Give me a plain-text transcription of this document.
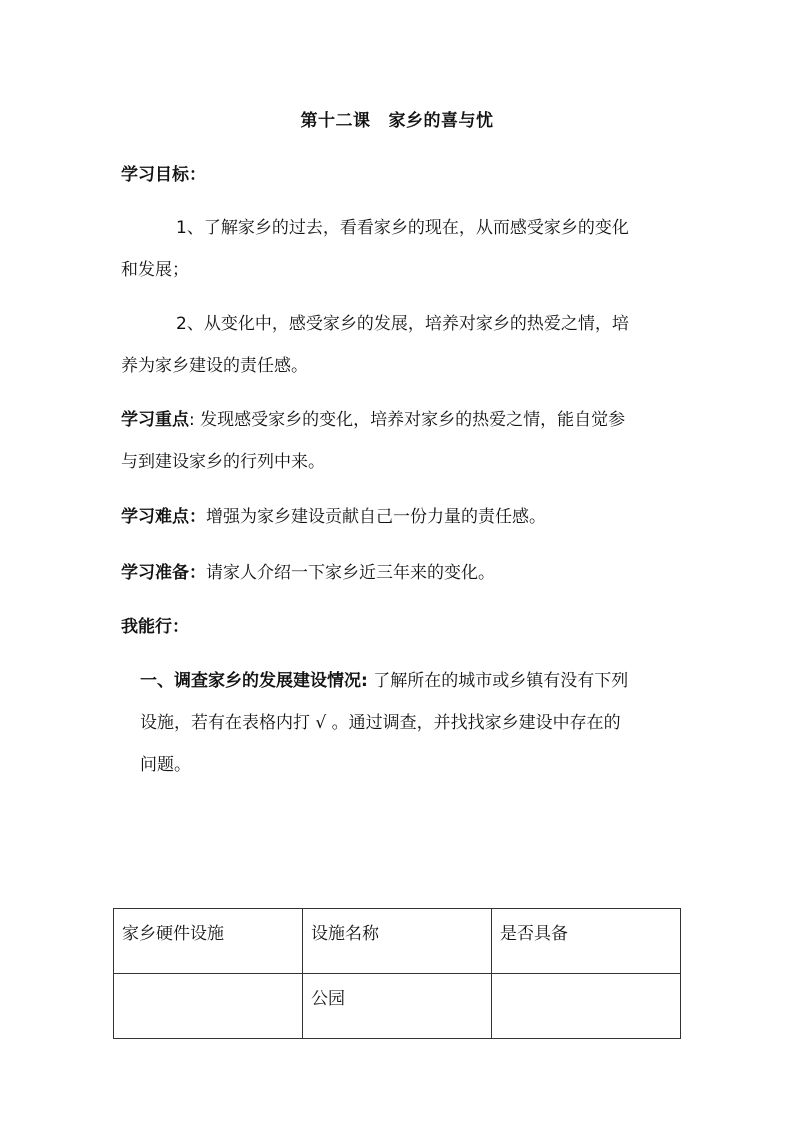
第十二课 家乡的喜与忧
学习目标：
1、了解家乡的过去，看看家乡的现在，从而感受家乡的变化
和发展；
2、从变化中，感受家乡的发展，培养对家乡的热爱之情，培
养为家乡建设的责任感。
学习重点: 发现感受家乡的变化，培养对家乡的热爱之情，能自觉参
与到建设家乡的行列中来。
学习难点：增强为家乡建设贡献自己一份力量的责任感。
学习准备：请家人介绍一下家乡近三年来的变化。
我能行：
一、调查家乡的发展建设情况: 了解所在的城市或乡镇有没有下列
设施，若有在表格内打 √ 。通过调查，并找找家乡建设中存在的
问题。
家乡硬件设施	设施名称	是否具备
	公园	
